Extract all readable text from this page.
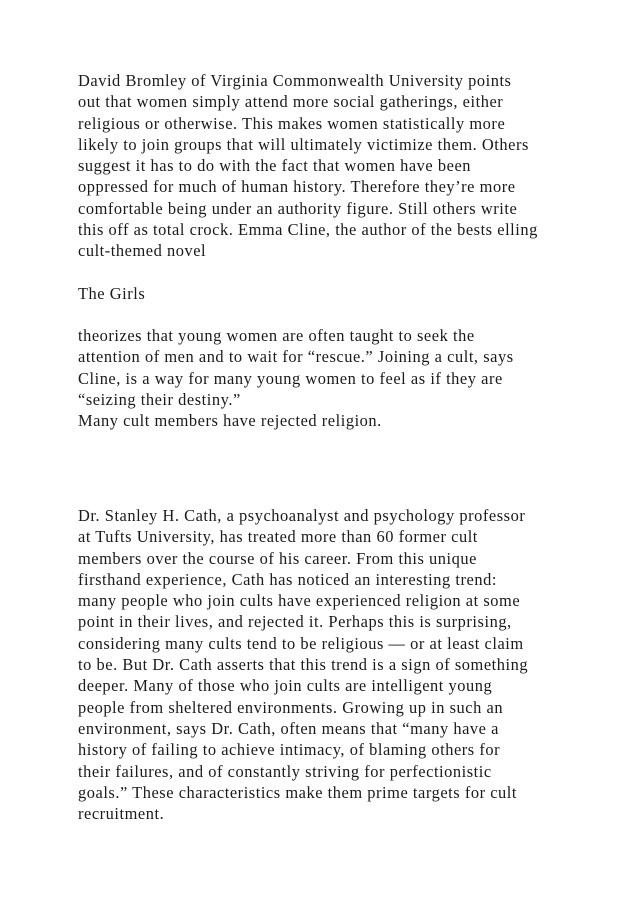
David Bromley of Virginia Commonwealth University points
out that women simply attend more social gatherings, either
religious or otherwise. This makes women statistically more
likely to join groups that will ultimately victimize them. Others
suggest it has to do with the fact that women have been
oppressed for much of human history. Therefore they’re more
comfortable being under an authority figure. Still others write
this off as total crock. Emma Cline, the author of the bests elling
cult-themed novel
The Girls
theorizes that young women are often taught to seek the
attention of men and to wait for “rescue.” Joining a cult, says
Cline, is a way for many young women to feel as if they are
“seizing their destiny.”
Many cult members have rejected religion.
Dr. Stanley H. Cath, a psychoanalyst and psychology professor
at Tufts University, has treated more than 60 former cult
members over the course of his career. From this unique
firsthand experience, Cath has noticed an interesting trend:
many people who join cults have experienced religion at some
point in their lives, and rejected it. Perhaps this is surprising,
considering many cults tend to be religious — or at least claim
to be. But Dr. Cath asserts that this trend is a sign of something
deeper. Many of those who join cults are intelligent young
people from sheltered environments. Growing up in such an
environment, says Dr. Cath, often means that “many have a
history of failing to achieve intimacy, of blaming others for
their failures, and of constantly striving for perfectionistic
goals.” These characteristics make them prime targets for cult
recruitment.
